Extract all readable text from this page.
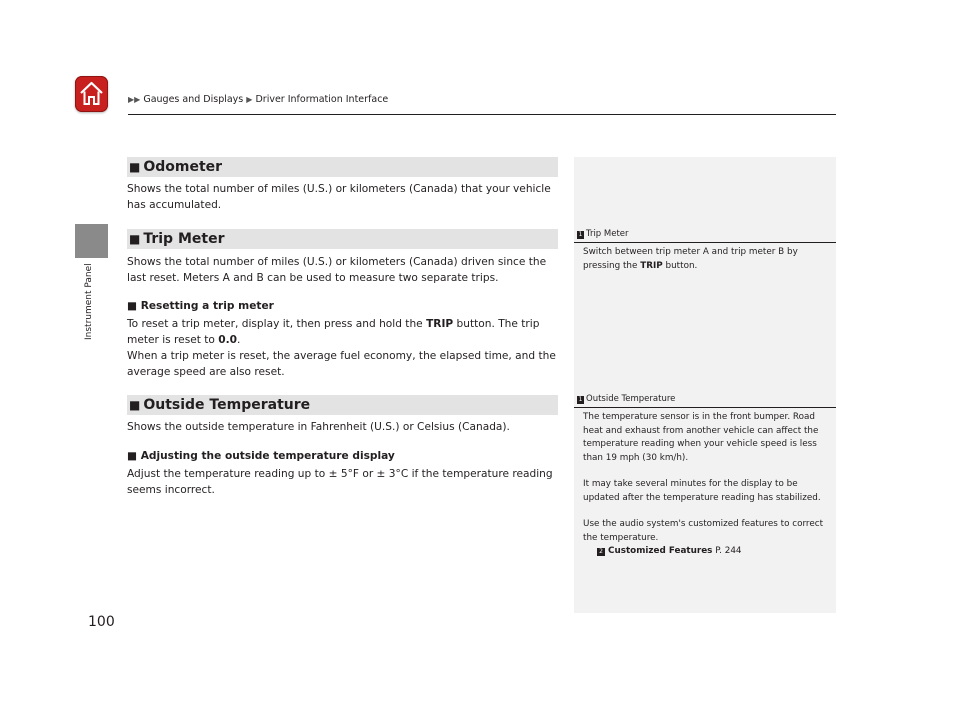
▶▶ Gauges and Displays ▶ Driver Information Interface
Instrument Panel
■ Odometer
Shows the total number of miles (U.S.) or kilometers (Canada) that your vehicle has accumulated.
■ Trip Meter
Shows the total number of miles (U.S.) or kilometers (Canada) driven since the last reset. Meters A and B can be used to measure two separate trips.
■ Resetting a trip meter
To reset a trip meter, display it, then press and hold the TRIP button. The trip meter is reset to 0.0.
When a trip meter is reset, the average fuel economy, the elapsed time, and the average speed are also reset.
■ Outside Temperature
Shows the outside temperature in Fahrenheit (U.S.) or Celsius (Canada).
■ Adjusting the outside temperature display
Adjust the temperature reading up to ± 5°F or ± 3°C if the temperature reading seems incorrect.
1 Trip Meter
Switch between trip meter A and trip meter B by pressing the TRIP button.
1 Outside Temperature
The temperature sensor is in the front bumper. Road heat and exhaust from another vehicle can affect the temperature reading when your vehicle speed is less than 19 mph (30 km/h).
It may take several minutes for the display to be updated after the temperature reading has stabilized.
Use the audio system's customized features to correct the temperature.
2 Customized Features P. 244
100
